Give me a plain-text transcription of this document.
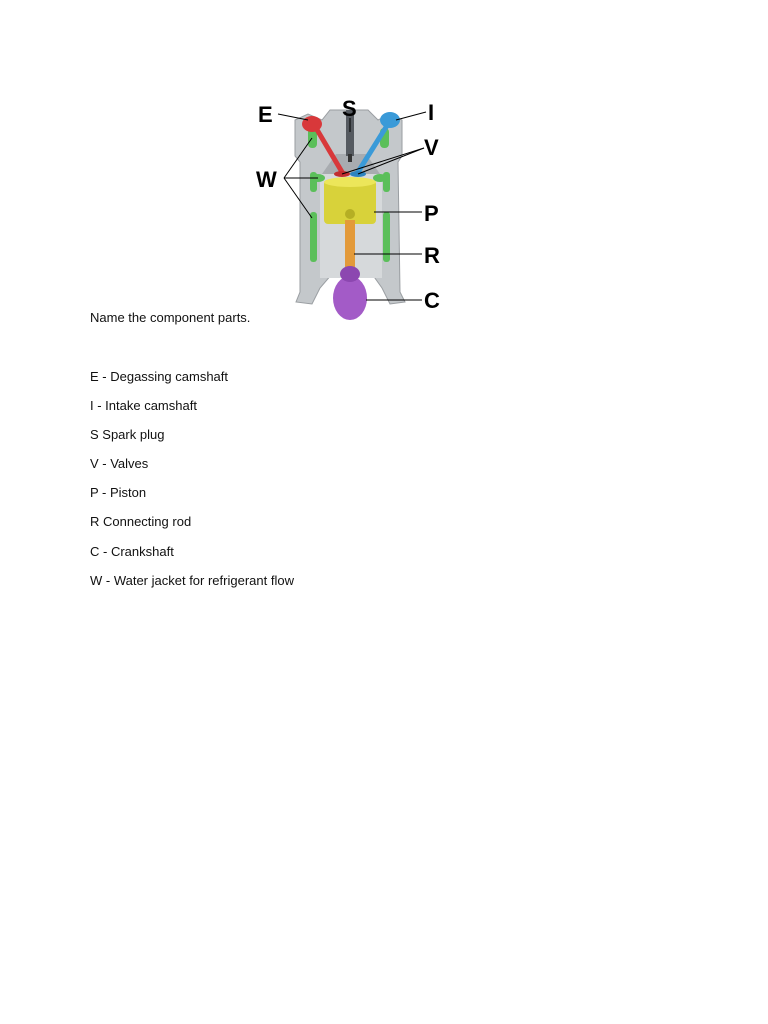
E	S	I
V
W
P
R
C
Name the component parts.
E - Degassing camshaft
I - Intake camshaft
S Spark plug
V - Valves
P - Piston
R Connecting rod
C - Crankshaft
W - Water jacket for refrigerant flow
